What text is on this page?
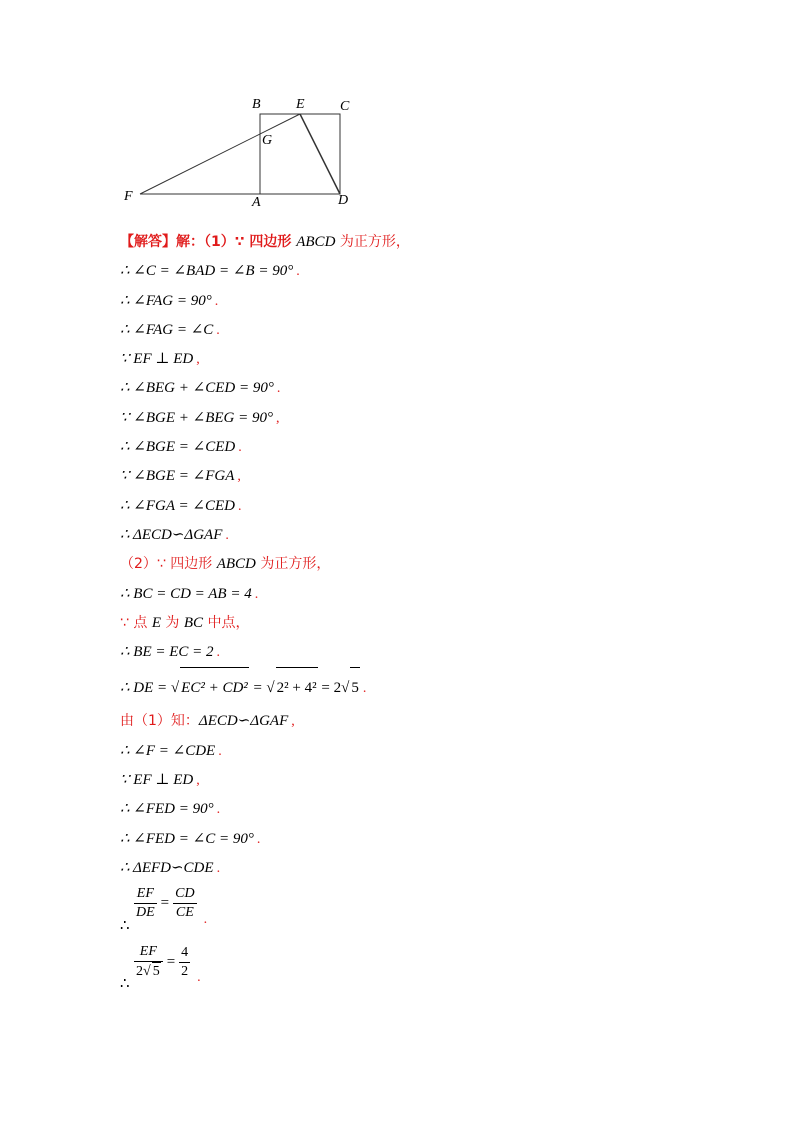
B	E	C
G
F	A	D
【解答】解：（1）∵ 四边形 ABCD 为正方形，
∴ ∠C = ∠BAD = ∠B = 90° .
∴ ∠FAG = 90° .
∴ ∠FAG = ∠C .
∵ EF ⊥ ED ,
∴ ∠BEG + ∠CED = 90° .
∵ ∠BGE + ∠BEG = 90° ,
∴ ∠BGE = ∠CED .
∵ ∠BGE = ∠FGA ,
∴ ∠FGA = ∠CED .
∴ ΔECD∽ΔGAF .
（2）∵ 四边形 ABCD 为正方形，
∴ BC = CD = AB = 4 .
∵ 点 E 为 BC 中点，
∴ BE = EC = 2 .
∴ DE = √ EC² + CD² = √ 2² + 4² = 2√ 5 .
由（1）知：ΔECD∽ΔGAF ,
∴ ∠F = ∠CDE .
∵ EF ⊥ ED ,
∴ ∠FED = 90° .
∴ ∠FED = ∠C = 90° .
∴ ΔEFD∽CDE .
∴
$\frac{EF}{DE} = \frac{CD}{CE}$ .
∴
$\frac{EF}{2√ 5} = \frac{4}{2}$ .
